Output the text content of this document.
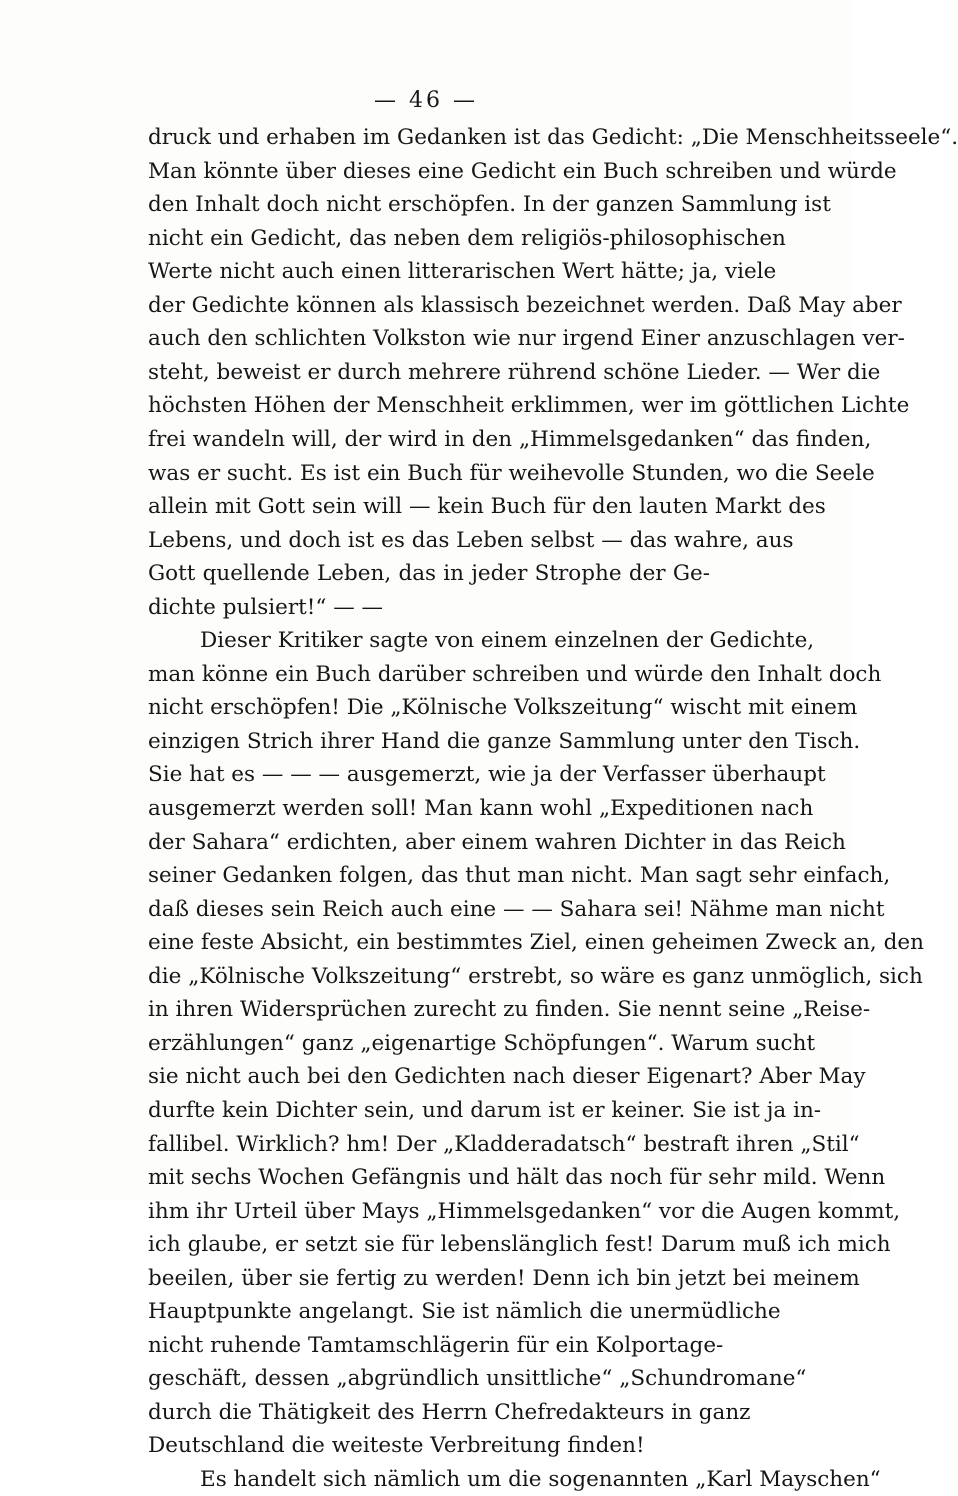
— 46 —
druck und erhaben im Gedanken ist das Gedicht: „Die Menschheitsseele“.
Man könnte über dieses eine Gedicht ein Buch schreiben und würde
den Inhalt doch nicht erschöpfen. In der ganzen Sammlung ist
nicht ein Gedicht, das neben dem religiös-philosophischen
Werte nicht auch einen litterarischen Wert hätte; ja, viele
der Gedichte können als klassisch bezeichnet werden. Daß May aber
auch den schlichten Volkston wie nur irgend Einer anzuschlagen ver-
steht, beweist er durch mehrere rührend schöne Lieder. — Wer die
höchsten Höhen der Menschheit erklimmen, wer im göttlichen Lichte
frei wandeln will, der wird in den „Himmelsgedanken“ das finden,
was er sucht. Es ist ein Buch für weihevolle Stunden, wo die Seele
allein mit Gott sein will — kein Buch für den lauten Markt des
Lebens, und doch ist es das Leben selbst — das wahre, aus
Gott quellende Leben, das in jeder Strophe der Ge-
dichte pulsiert!“ — —
Dieser Kritiker sagte von einem einzelnen der Gedichte,
man könne ein Buch darüber schreiben und würde den Inhalt doch
nicht erschöpfen! Die „Kölnische Volkszeitung“ wischt mit einem
einzigen Strich ihrer Hand die ganze Sammlung unter den Tisch.
Sie hat es — — — ausgemerzt, wie ja der Verfasser überhaupt
ausgemerzt werden soll! Man kann wohl „Expeditionen nach
der Sahara“ erdichten, aber einem wahren Dichter in das Reich
seiner Gedanken folgen, das thut man nicht. Man sagt sehr einfach,
daß dieses sein Reich auch eine — — Sahara sei! Nähme man nicht
eine feste Absicht, ein bestimmtes Ziel, einen geheimen Zweck an, den
die „Kölnische Volkszeitung“ erstrebt, so wäre es ganz unmöglich, sich
in ihren Widersprüchen zurecht zu finden. Sie nennt seine „Reise-
erzählungen“ ganz „eigenartige Schöpfungen“. Warum sucht
sie nicht auch bei den Gedichten nach dieser Eigenart? Aber May
durfte kein Dichter sein, und darum ist er keiner. Sie ist ja in-
fallibel. Wirklich? hm! Der „Kladderadatsch“ bestraft ihren „Stil“
mit sechs Wochen Gefängnis und hält das noch für sehr mild. Wenn
ihm ihr Urteil über Mays „Himmelsgedanken“ vor die Augen kommt,
ich glaube, er setzt sie für lebenslänglich fest! Darum muß ich mich
beeilen, über sie fertig zu werden! Denn ich bin jetzt bei meinem
Hauptpunkte angelangt. Sie ist nämlich die unermüdliche
nicht ruhende Tamtamschlägerin für ein Kolportage-
geschäft, dessen „abgründlich unsittliche“ „Schundromane“
durch die Thätigkeit des Herrn Chefredakteurs in ganz
Deutschland die weiteste Verbreitung finden!
Es handelt sich nämlich um die sogenannten „Karl Mayschen“
